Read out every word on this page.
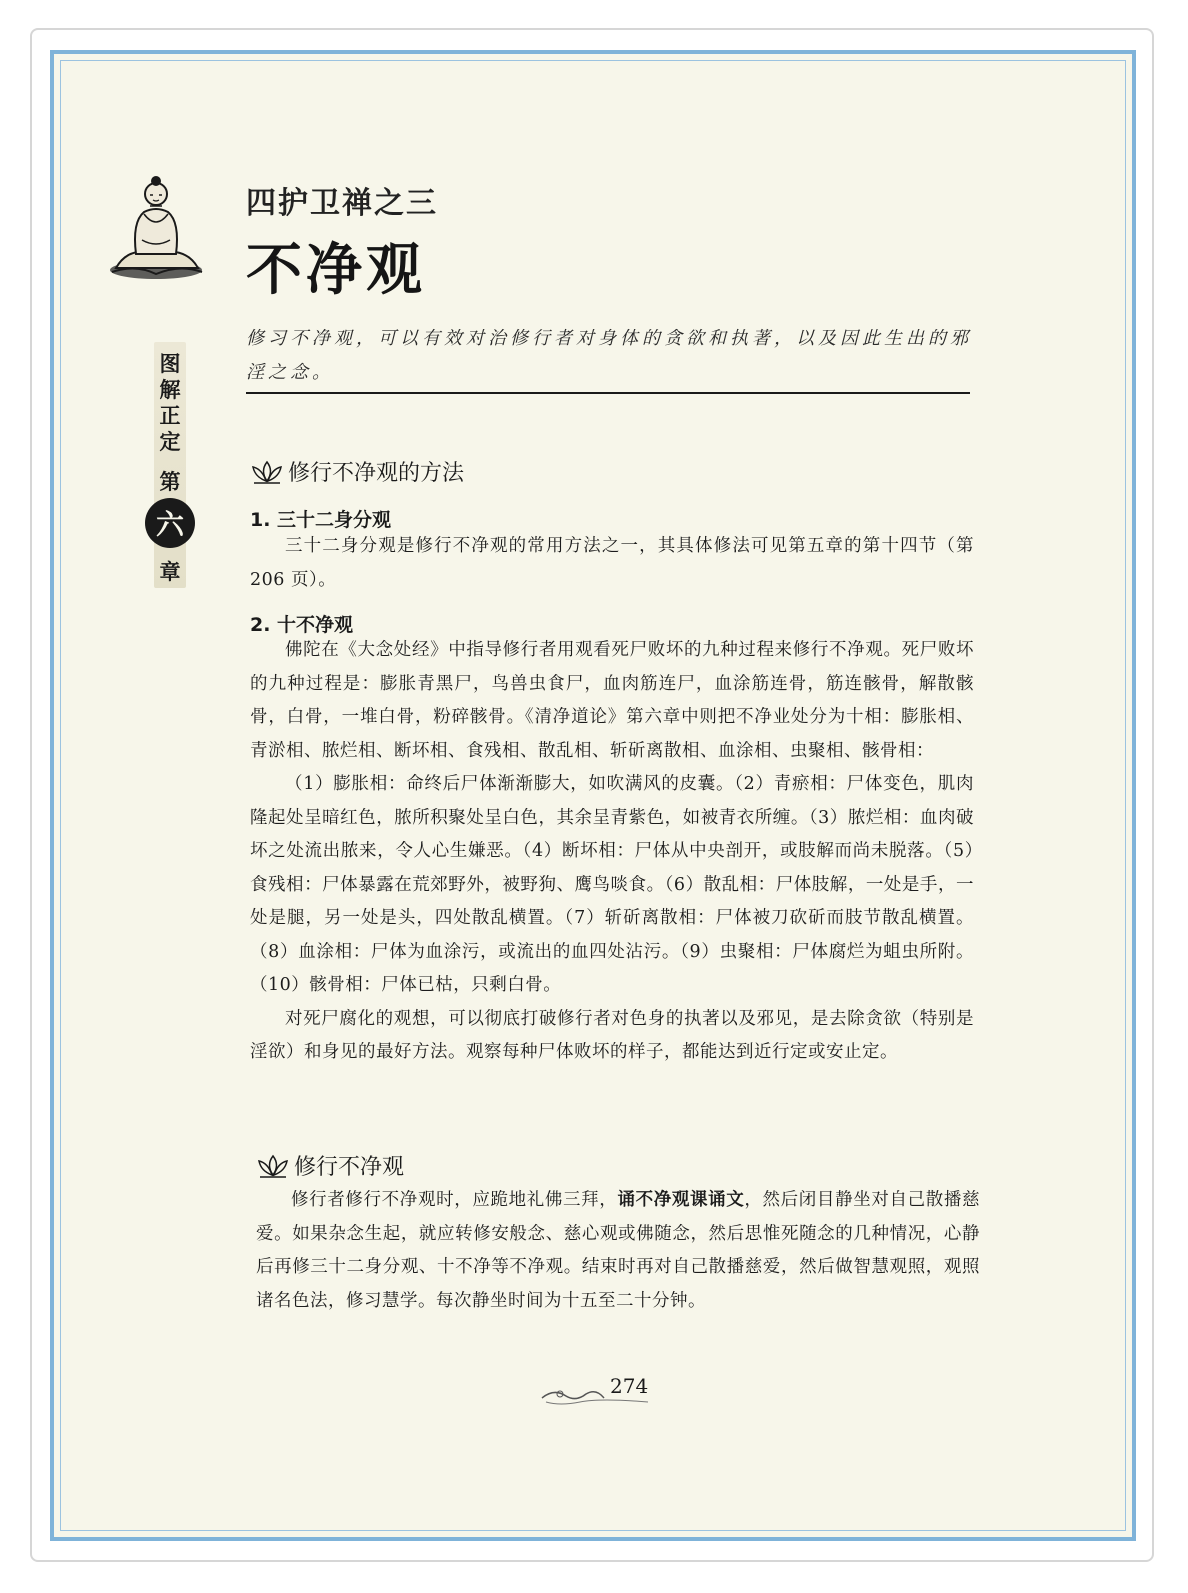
四护卫禅之三
不净观
图
解
正
定
第
章
六
修习不净观，可以有效对治修行者对身体的贪欲和执著，以及因此生出的邪淫之念。
修行不净观的方法
1. 三十二身分观

三十二身分观是修行不净观的常用方法之一，其具体修法可见第五章的第十四节（第 206 页）。

2. 十不净观

佛陀在《大念处经》中指导修行者用观看死尸败坏的九种过程来修行不净观。死尸败坏的九种过程是：膨胀青黑尸，鸟兽虫食尸，血肉筋连尸，血涂筋连骨，筋连骸骨，解散骸骨，白骨，一堆白骨，粉碎骸骨。《清净道论》第六章中则把不净业处分为十相：膨胀相、青淤相、脓烂相、断坏相、食残相、散乱相、斩斫离散相、血涂相、虫聚相、骸骨相：

（1）膨胀相：命终后尸体渐渐膨大，如吹满风的皮囊。（2）青瘀相：尸体变色，肌肉隆起处呈暗红色，脓所积聚处呈白色，其余呈青紫色，如被青衣所缠。（3）脓烂相：血肉破坏之处流出脓来，令人心生嫌恶。（4）断坏相：尸体从中央剖开，或肢解而尚未脱落。（5）食残相：尸体暴露在荒郊野外，被野狗、鹰鸟啖食。（6）散乱相：尸体肢解，一处是手，一处是腿，另一处是头，四处散乱横置。（7）斩斫离散相：尸体被刀砍斫而肢节散乱横置。（8）血涂相：尸体为血涂污，或流出的血四处沾污。（9）虫聚相：尸体腐烂为蛆虫所附。（10）骸骨相：尸体已枯，只剩白骨。

对死尸腐化的观想，可以彻底打破修行者对色身的执著以及邪见，是去除贪欲（特别是淫欲）和身见的最好方法。观察每种尸体败坏的样子，都能达到近行定或安止定。

修行不净观

修行者修行不净观时，应跪地礼佛三拜，诵不净观课诵文，然后闭目静坐对自己散播慈爱。如果杂念生起，就应转修安般念、慈心观或佛随念，然后思惟死随念的几种情况，心静后再修三十二身分观、十不净等不净观。结束时再对自己散播慈爱，然后做智慧观照，观照诸名色法，修习慧学。每次静坐时间为十五至二十分钟。

274
